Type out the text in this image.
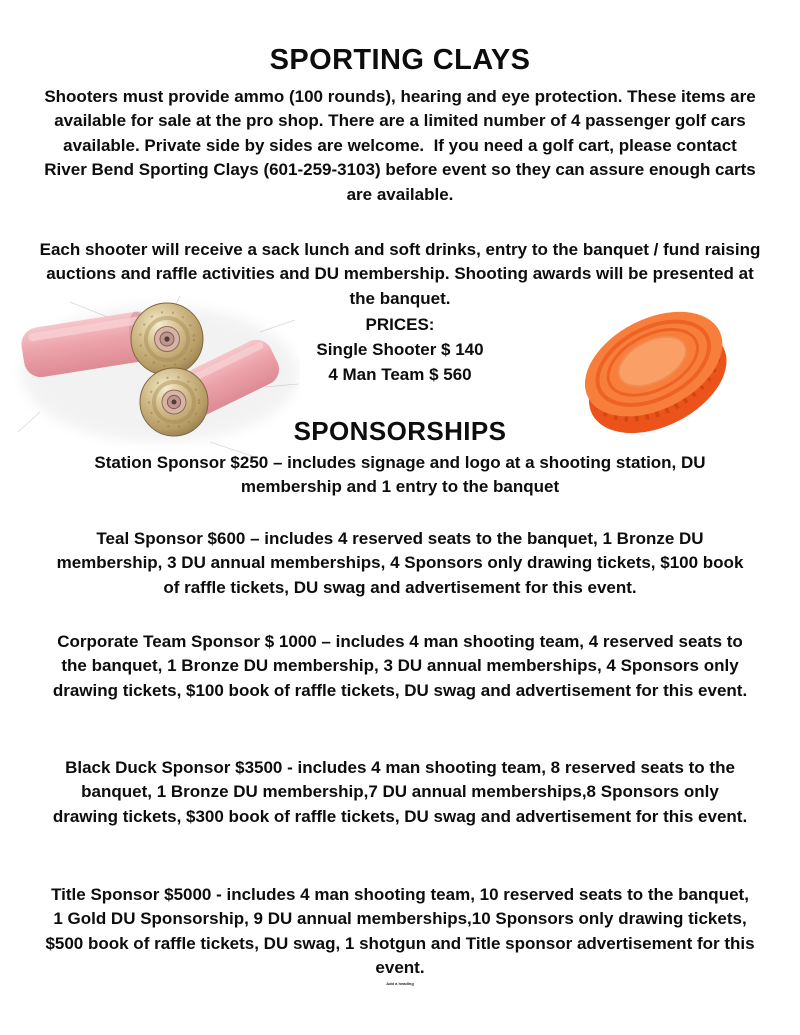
SPORTING CLAYS

Shooters must provide ammo (100 rounds), hearing and eye protection. These items are available for sale at the pro shop. There are a limited number of 4 passenger golf cars available. Private side by sides are welcome.  If you need a golf cart, please contact River Bend Sporting Clays (601-259-3103) before event so they can assure enough carts are available.

Each shooter will receive a sack lunch and soft drinks, entry to the banquet / fund raising auctions and raffle activities and DU membership. Shooting awards will be presented at the banquet.

PRICES:
Single Shooter $ 140
4 Man Team $ 560
SPONSORSHIPS

Station Sponsor $250 – includes signage and logo at a shooting station, DU membership and 1 entry to the banquet

Teal Sponsor $600 – includes 4 reserved seats to the banquet, 1 Bronze DU membership, 3 DU annual memberships, 4 Sponsors only drawing tickets, $100 book of raffle tickets, DU swag and advertisement for this event.

Corporate Team Sponsor $ 1000 – includes 4 man shooting team, 4 reserved seats to the banquet, 1 Bronze DU membership, 3 DU annual memberships, 4 Sponsors only drawing tickets, $100 book of raffle tickets, DU swag and advertisement for this event.

Black Duck Sponsor $3500 - includes 4 man shooting team, 8 reserved seats to the banquet, 1 Bronze DU membership,7 DU annual memberships,8 Sponsors only drawing tickets, $300 book of raffle tickets, DU swag and advertisement for this event.

Title Sponsor $5000 - includes 4 man shooting team, 10 reserved seats to the banquet, 1 Gold DU Sponsorship, 9 DU annual memberships,10 Sponsors only drawing tickets, $500 book of raffle tickets, DU swag, 1 shotgun and Title sponsor advertisement for this event.

Add a heading
